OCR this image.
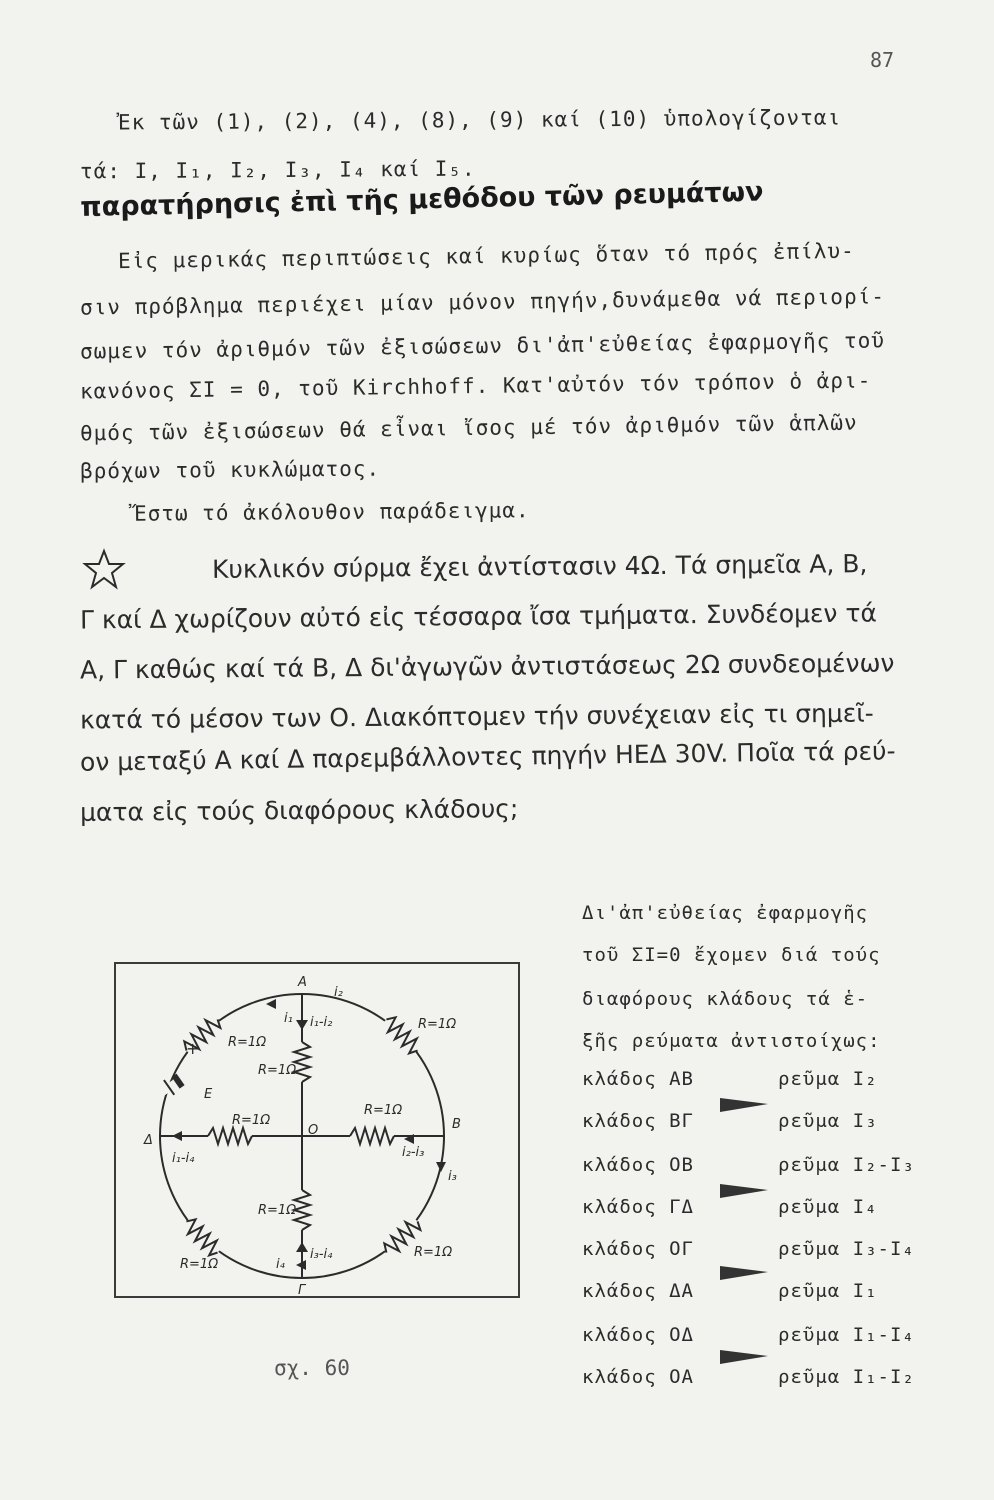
87
Ἐκ τῶν (1), (2), (4), (8), (9) καί (10) ὑπολογίζονται
τά: I, I₁, I₂, I₃, I₄ καί I₅.
παρατήρησις ἐπὶ τῆς μεθόδου τῶν ρευμάτων
Εἰς μερικάς περιπτώσεις καί κυρίως ὅταν τό πρός ἐπίλυ-
σιν πρόβλημα περιέχει μίαν μόνον πηγήν,δυνάμεθα νά περιορί-
σωμεν τόν ἀριθμόν τῶν ἐξισώσεων δι'ἀπ'εὐθείας ἐφαρμογῆς τοῦ
κανόνος ΣI = 0, τοῦ Kirchhoff. Κατ'αὐτόν τόν τρόπον ὁ ἀρι-
θμός τῶν ἐξισώσεων θά εἶναι ἴσος μέ τόν ἀριθμόν τῶν ἁπλῶν
βρόχων τοῦ κυκλώματος.
Ἔστω τό ἀκόλουθον παράδειγμα.
Κυκλικόν σύρμα ἔχει ἀντίστασιν 4Ω. Τά σημεῖα Α, Β,
Γ καί Δ χωρίζουν αὐτό εἰς τέσσαρα ἴσα τμήματα. Συνδέομεν τά
Α, Γ καθώς καί τά Β, Δ δι'ἀγωγῶν ἀντιστάσεως 2Ω συνδεομένων
κατά τό μέσον των Ο. Διακόπτομεν τήν συνέχειαν εἰς τι σημεῖ-
ον μεταξύ Α καί Δ παρεμβάλλοντες πηγήν ΗΕΔ 30V. Ποῖα τά ρεύ-
ματα εἰς τούς διαφόρους κλάδους;
Δι'ἀπ'εὐθείας ἐφαρμογῆς
τοῦ ΣI=0 ἔχομεν διά τούς
διαφόρους κλάδους τά ἑ-
ξῆς ρεύματα ἀντιστοίχως:
κλάδος ΑΒ	ρεῦμα I₂
κλάδος ΒΓ	ρεῦμα I₃
κλάδος ΟΒ	ρεῦμα I₂-I₃
κλάδος ΓΔ	ρεῦμα I₄
κλάδος ΟΓ	ρεῦμα I₃-I₄
κλάδος ΔΑ	ρεῦμα I₁
κλάδος ΟΔ	ρεῦμα I₁-I₄
κλάδος ΟΑ	ρεῦμα I₁-I₂
A
B
Γ
Δ
O
E
+
i₂
i₁ i₁-i₂
i₂-i₃
i₃
i₁-i₄
i₄
i₃-i₄
R=1Ω
R=1Ω
R=1Ω
R=1Ω
R=1Ω
R=1Ω
R=1Ω
R=1Ω
σχ. 60
